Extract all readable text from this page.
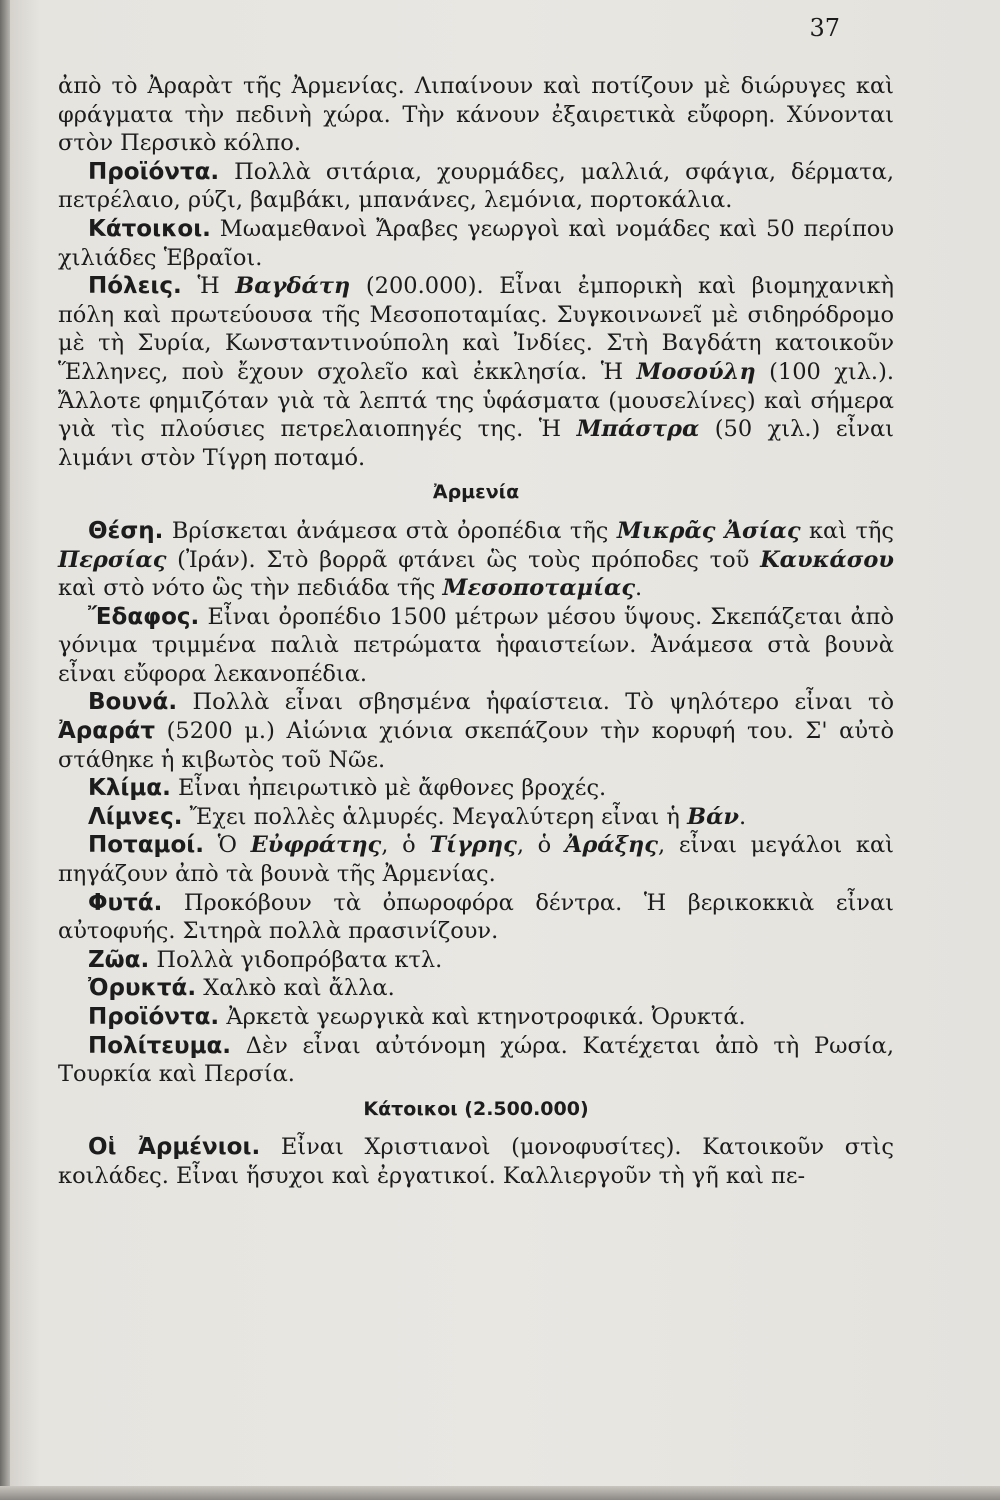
37

ἀπὸ τὸ Ἀραρὰτ τῆς Ἀρμενίας. Λιπαίνουν καὶ ποτίζουν μὲ διώρυγες καὶ φράγματα τὴν πεδινὴ χώρα. Τὴν κάνουν ἐξαιρετικὰ εὔφορη. Χύνονται στὸν Περσικὸ κόλπο.

Προϊόντα. Πολλὰ σιτάρια, χουρμάδες, μαλλιά, σφάγια, δέρματα, πετρέλαιο, ρύζι, βαμβάκι, μπανάνες, λεμόνια, πορτοκάλια.

Κάτοικοι. Μωαμεθανοὶ Ἄραβες γεωργοὶ καὶ νομάδες καὶ 50 περίπου χιλιάδες Ἑβραῖοι.

Πόλεις. Ἡ Βαγδάτη (200.000). Εἶναι ἐμπορικὴ καὶ βιομηχανικὴ πόλη καὶ πρωτεύουσα τῆς Μεσοποταμίας. Συγκοινωνεῖ μὲ σιδηρόδρομο μὲ τὴ Συρία, Κωνσταντινούπολη καὶ Ἰνδίες. Στὴ Βαγδάτη κατοικοῦν Ἕλληνες, ποὺ ἔχουν σχολεῖο καὶ ἐκκλησία. Ἡ Μοσούλη (100 χιλ.). Ἄλλοτε φημιζόταν γιὰ τὰ λεπτά της ὑφάσματα (μουσελίνες) καὶ σήμερα γιὰ τὶς πλούσιες πετρελαιοπηγές της. Ἡ Μπάστρα (50 χιλ.) εἶναι λιμάνι στὸν Τίγρη ποταμό.

Ἀρμενία

Θέση. Βρίσκεται ἀνάμεσα στὰ ὀροπέδια τῆς Μικρᾶς Ἀσίας καὶ τῆς Περσίας (Ἰράν). Στὸ βορρᾶ φτάνει ὣς τοὺς πρόποδες τοῦ Καυκάσου καὶ στὸ νότο ὣς τὴν πεδιάδα τῆς Μεσοποταμίας.

Ἔδαφος. Εἶναι ὀροπέδιο 1500 μέτρων μέσου ὕψους. Σκεπάζεται ἀπὸ γόνιμα τριμμένα παλιὰ πετρώματα ἡφαιστείων. Ἀνάμεσα στὰ βουνὰ εἶναι εὔφορα λεκανοπέδια.

Βουνά. Πολλὰ εἶναι σβησμένα ἡφαίστεια. Τὸ ψηλότερο εἶναι τὸ Ἀραράτ (5200 μ.) Αἰώνια χιόνια σκεπάζουν τὴν κορυφή του. Σ' αὐτὸ στάθηκε ἡ κιβωτὸς τοῦ Νῶε.

Κλίμα. Εἶναι ἠπειρωτικὸ μὲ ἄφθονες βροχές.

Λίμνες. Ἔχει πολλὲς ἁλμυρές. Μεγαλύτερη εἶναι ἡ Βάν.

Ποταμοί. Ὁ Εὐφράτης, ὁ Τίγρης, ὁ Ἀράξης, εἶναι μεγάλοι καὶ πηγάζουν ἀπὸ τὰ βουνὰ τῆς Ἀρμενίας.

Φυτά. Προκόβουν τὰ ὀπωροφόρα δέντρα. Ἡ βερικοκκιὰ εἶναι αὐτοφυής. Σιτηρὰ πολλὰ πρασινίζουν.

Ζῶα. Πολλὰ γιδοπρόβατα κτλ.

Ὀρυκτά. Χαλκὸ καὶ ἄλλα.

Προϊόντα. Ἀρκετὰ γεωργικὰ καὶ κτηνοτροφικά. Ὀρυκτά.

Πολίτευμα. Δὲν εἶναι αὐτόνομη χώρα. Κατέχεται ἀπὸ τὴ Ρωσία, Τουρκία καὶ Περσία.

Κάτοικοι (2.500.000)

Οἱ Ἀρμένιοι. Εἶναι Χριστιανοὶ (μονοφυσίτες). Κατοικοῦν στὶς κοιλάδες. Εἶναι ἥσυχοι καὶ ἐργατικοί. Καλλιεργοῦν τὴ γῆ καὶ πε-
